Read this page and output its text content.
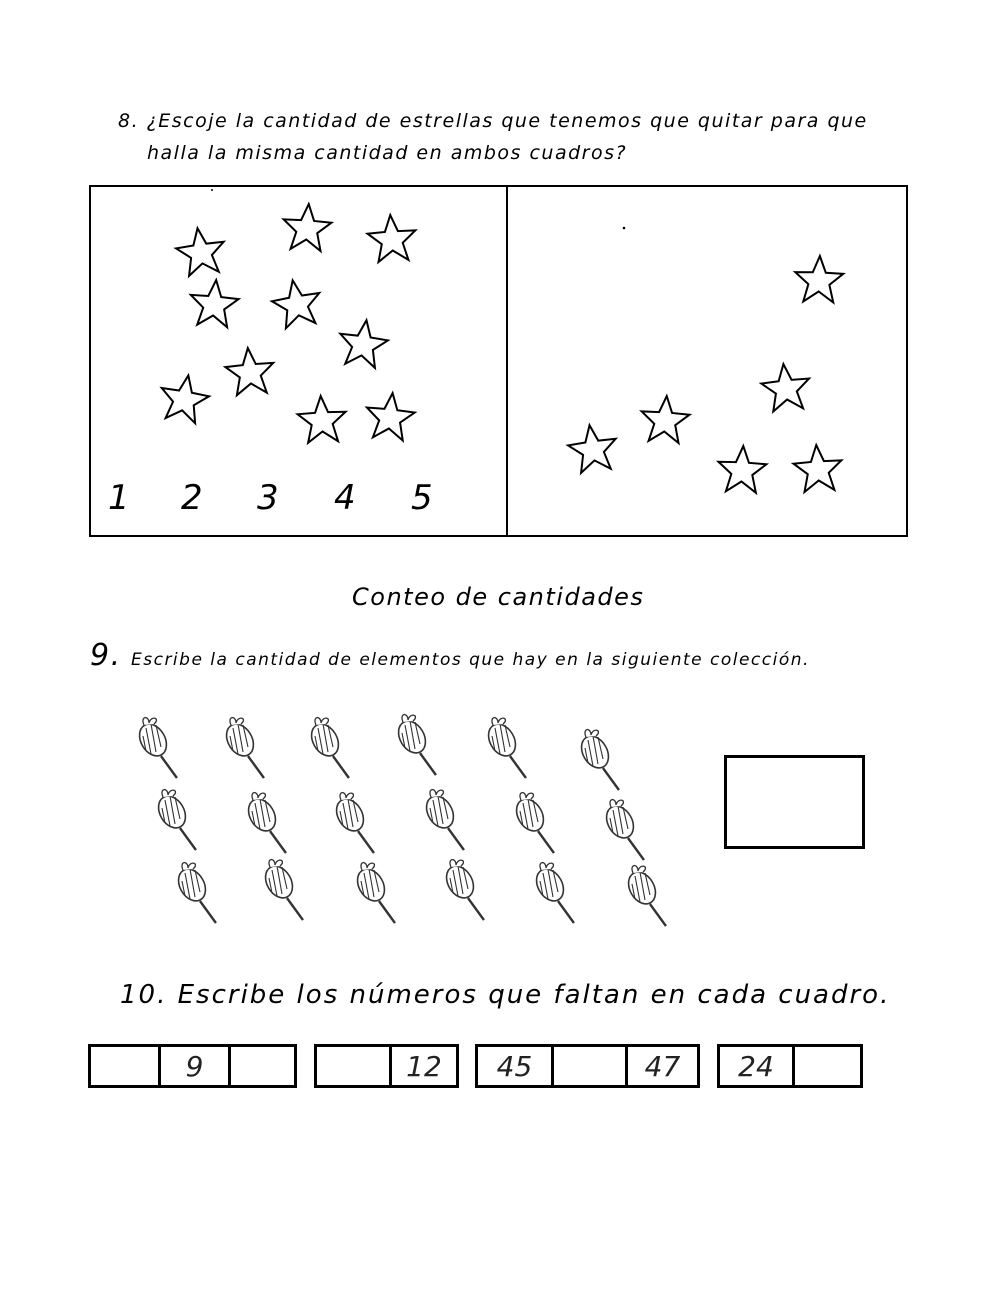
8. ¿Escoje la cantidad de estrellas que tenemos que quitar para que
halla la misma cantidad en ambos cuadros?
1 2 3 4 5
Conteo de cantidades
9. Escribe la cantidad de elementos que hay en la siguiente colección.
10. Escribe los números que faltan en cada cuadro.
9	12	45	47	24
